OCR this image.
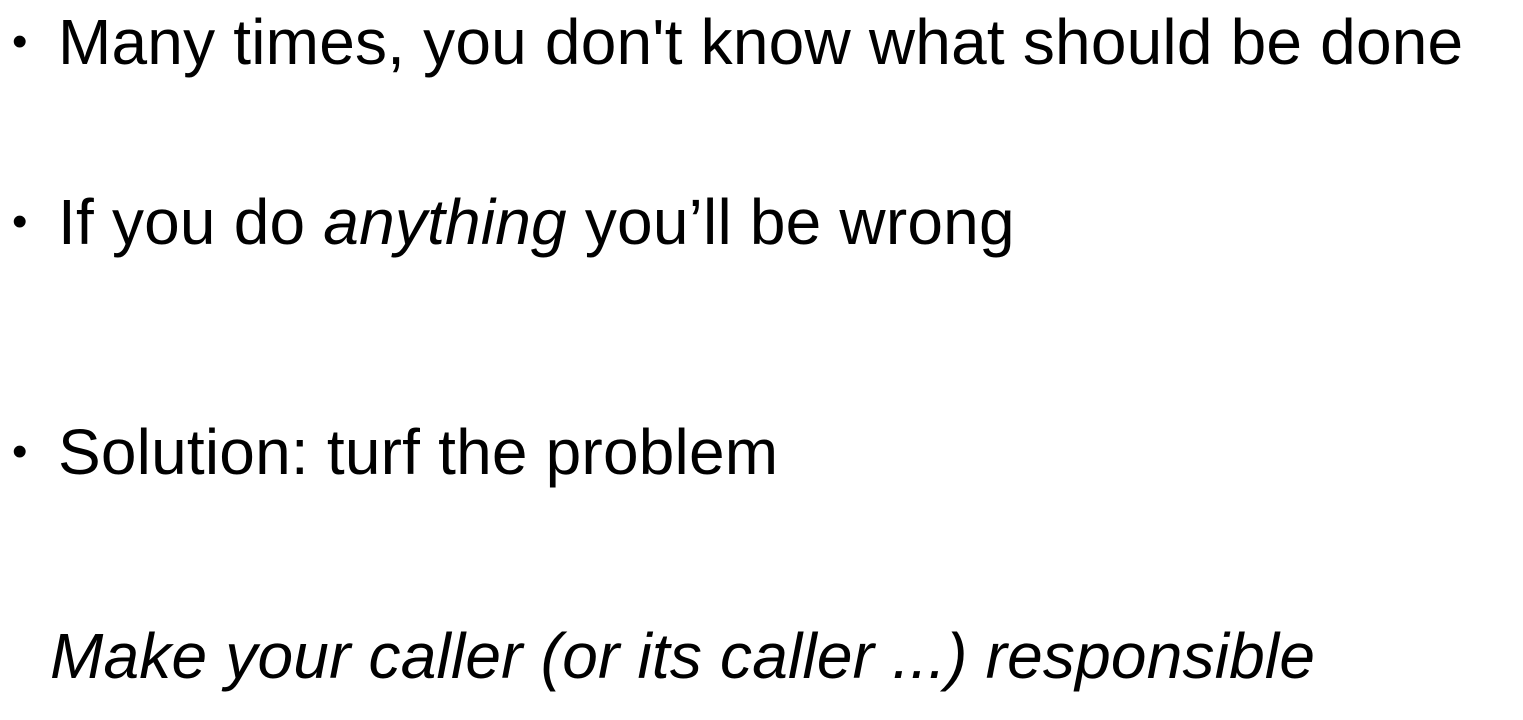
• Many times, you don't know what should be done
• If you do anything you’ll be wrong
• Solution: turf the problem
Make your caller (or its caller ...) responsible
